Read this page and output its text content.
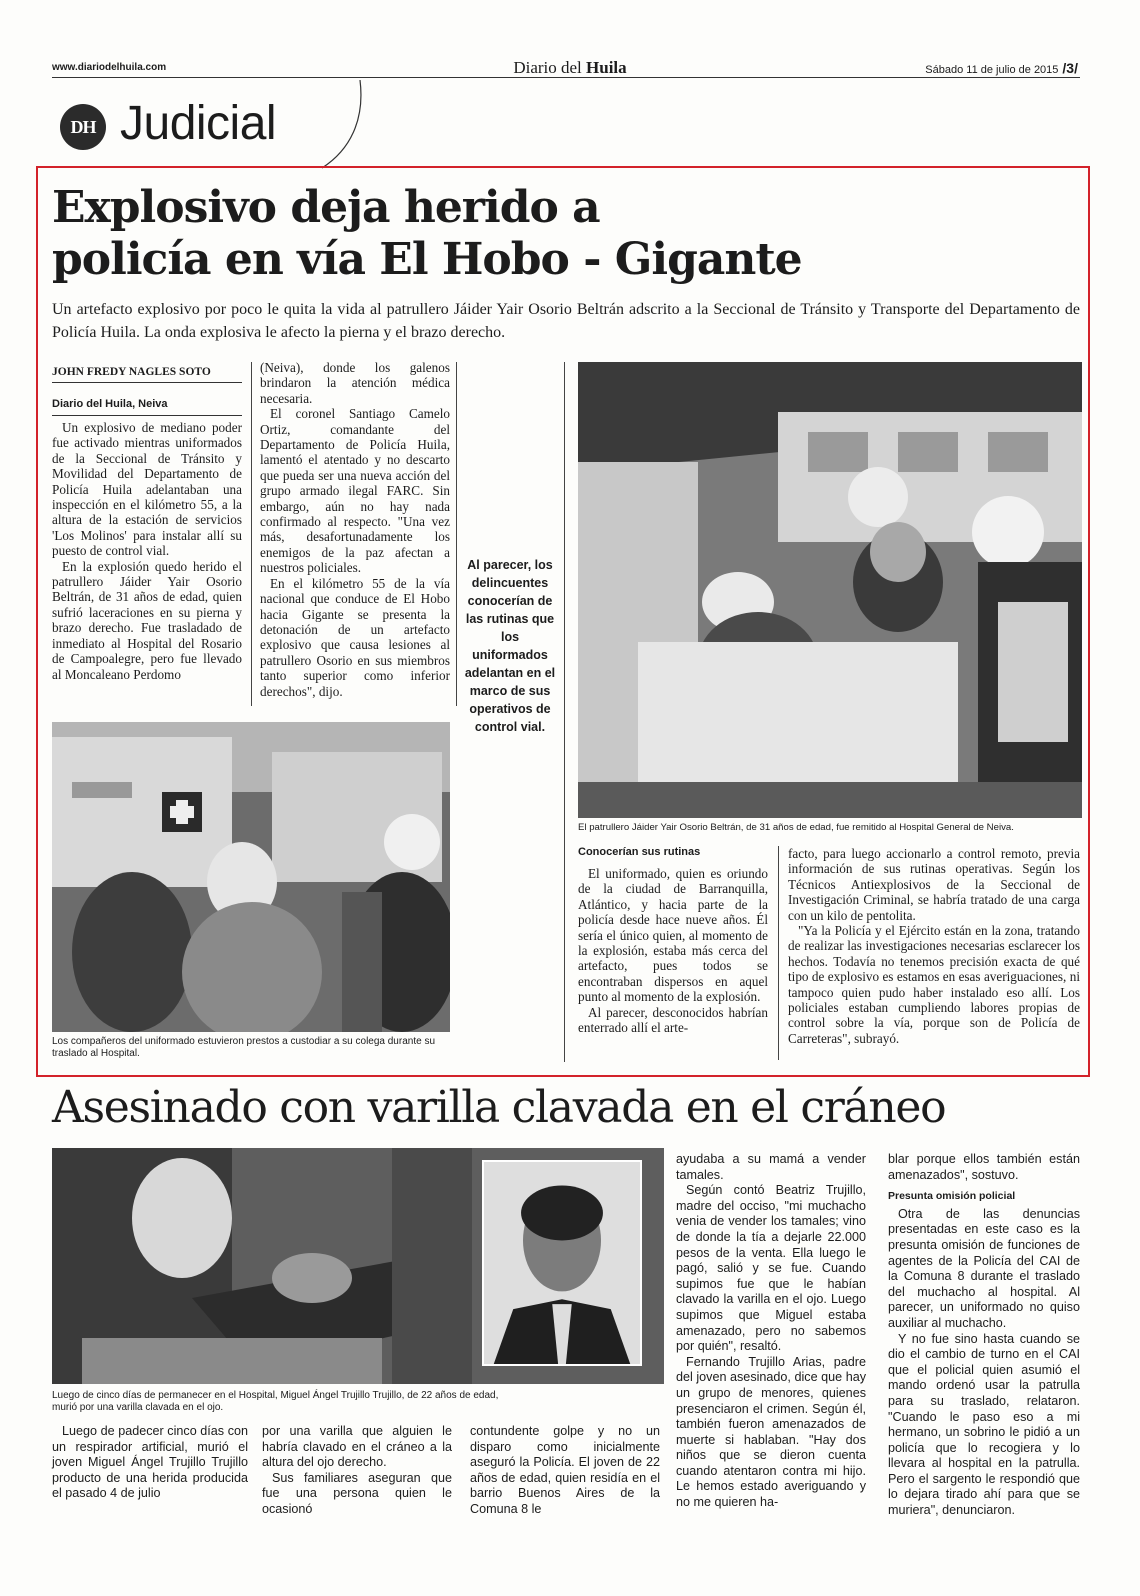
www.diariodelhuila.com	Diario del Huila	Sábado 11 de julio de 2015 /3/
DH Judicial
Explosivo deja herido a
policía en vía El Hobo - Gigante
Un artefacto explosivo por poco le quita la vida al patrullero Jáider Yair Osorio Beltrán adscrito a la Seccional de Tránsito y Transporte del Departamento de Policía Huila. La onda explosiva le afecto la pierna y el brazo derecho.
JOHN FREDY NAGLES SOTO
Diario del Huila, Neiva

Un explosivo de mediano poder fue activado mientras uniformados de la Seccional de Tránsito y Movilidad del Departamento de Policía Huila adelantaban una inspección en el kilómetro 55, a la altura de la estación de servicios 'Los Molinos' para instalar allí su puesto de control vial.

En la explosión quedo herido el patrullero Jáider Yair Osorio Beltrán, de 31 años de edad, quien sufrió laceraciones en su pierna y brazo derecho. Fue trasladado de inmediato al Hospital del Rosario de Campoalegre, pero fue llevado al Moncaleano Perdomo

(Neiva), donde los galenos brindaron la atención médica necesaria.

El coronel Santiago Camelo Ortiz, comandante del Departamento de Policía Huila, lamentó el atentado y no descarto que pueda ser una nueva acción del grupo armado ilegal FARC. Sin embargo, aún no hay nada confirmado al respecto. "Una vez más, desafortunadamente los enemigos de la paz afectan a nuestros policiales.

En el kilómetro 55 de la vía nacional que conduce de El Hobo hacia Gigante se presenta la detonación de un artefacto explosivo que causa lesiones al patrullero Osorio en sus miembros tanto superior como inferior derechos", dijo.

Los compañeros del uniformado estuvieron prestos a custodiar a su colega durante su traslado al Hospital.
Al parecer, los delincuentes conocerían de las rutinas que los uniformados adelantan en el marco de sus operativos de control vial.
El patrullero Jáider Yair Osorio Beltrán, de 31 años de edad, fue remitido al Hospital General de Neiva.
Conocerían sus rutinas

El uniformado, quien es oriundo de la ciudad de Barranquilla, Atlántico, y hacia parte de la policía desde hace nueve años. Él sería el único quien, al momento de la explosión, estaba más cerca del artefacto, pues todos se encontraban dispersos en aquel punto al momento de la explosión.

Al parecer, desconocidos habrían enterrado allí el arte-

facto, para luego accionarlo a control remoto, previa información de sus rutinas operativas. Según los Técnicos Antiexplosivos de la Seccional de Investigación Criminal, se habría tratado de una carga con un kilo de pentolita.

"Ya la Policía y el Ejército están en la zona, tratando de realizar las investigaciones necesarias esclarecer los hechos. Todavía no tenemos precisión exacta de qué tipo de explosivo es estamos en esas averiguaciones, ni tampoco quien pudo haber instalado eso allí. Los policiales estaban cumpliendo labores propias de control sobre la vía, porque son de Policía de Carreteras", subrayó.

Asesinado con varilla clavada en el cráneo
Luego de cinco días de permanecer en el Hospital, Miguel Ángel Trujillo Trujillo, de 22 años de edad, murió por una varilla clavada en el ojo.

Luego de padecer cinco días con un respirador artificial, murió el joven Miguel Ángel Trujillo Trujillo producto de una herida producida el pasado 4 de julio

por una varilla que alguien le habría clavado en el cráneo a la altura del ojo derecho.

Sus familiares aseguran que fue una persona quien le ocasionó

contundente golpe y no un disparo como inicialmente aseguró la Policía. El joven de 22 años de edad, quien residía en el barrio Buenos Aires de la Comuna 8 le

ayudaba a su mamá a vender tamales.

Según contó Beatriz Trujillo, madre del occiso, "mi muchacho venia de vender los tamales; vino de donde la tía a dejarle 22.000 pesos de la venta. Ella luego le pagó, salió y se fue. Cuando supimos fue que le habían clavado la varilla en el ojo. Luego supimos que Miguel estaba amenazado, pero no sabemos por quién", resaltó.

Fernando Trujillo Arias, padre del joven asesinado, dice que hay un grupo de menores, quienes presenciaron el crimen. Según él, también fueron amenazados de muerte si hablaban. "Hay dos niños que se dieron cuenta cuando atentaron contra mi hijo. Le hemos estado averiguando y no me quieren ha-

blar porque ellos también están amenazados", sostuvo.

Presunta omisión policial

Otra de las denuncias presentadas en este caso es la presunta omisión de funciones de agentes de la Policía del CAI de la Comuna 8 durante el traslado del muchacho al hospital. Al parecer, un uniformado no quiso auxiliar al muchacho.

Y no fue sino hasta cuando se dio el cambio de turno en el CAI que el policial quien asumió el mando ordenó usar la patrulla para su traslado, relataron. "Cuando le paso eso a mi hermano, un sobrino le pidió a un policía que lo recogiera y lo llevara al hospital en la patrulla. Pero el sargento le respondió que lo dejara tirado ahí para que se muriera", denunciaron.
